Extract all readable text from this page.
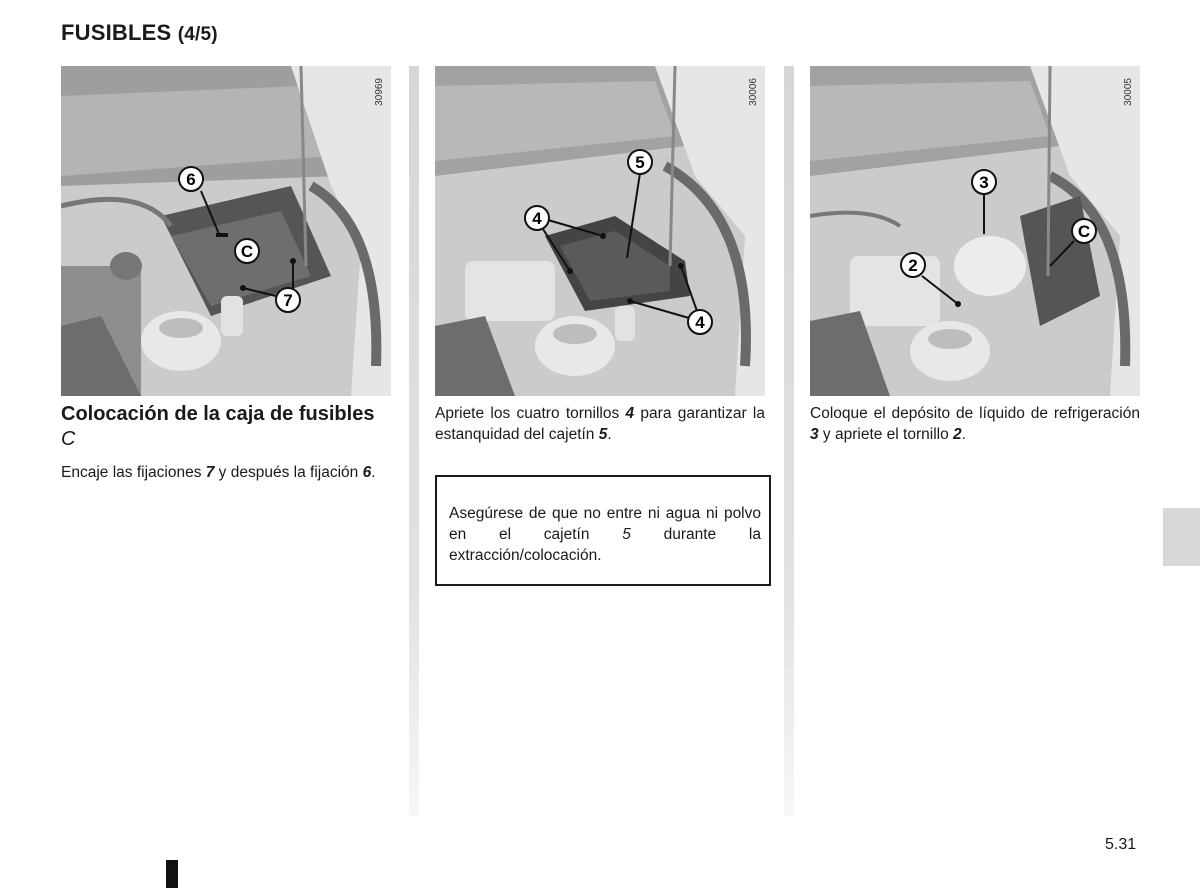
FUSIBLES (4/5)
6
C
7
30969
5
4
4
30006
3
C
2
30005
Colocación de la caja de fusibles C
Encaje las fijaciones 7 y después la fijación 6.
Apriete los cuatro tornillos 4 para garantizar la estanquidad del cajetín 5.
Asegúrese de que no entre ni agua ni polvo en el cajetín 5 durante la extracción/colocación.
Coloque el depósito de líquido de refrigeración 3 y apriete el tornillo 2.
5.31
